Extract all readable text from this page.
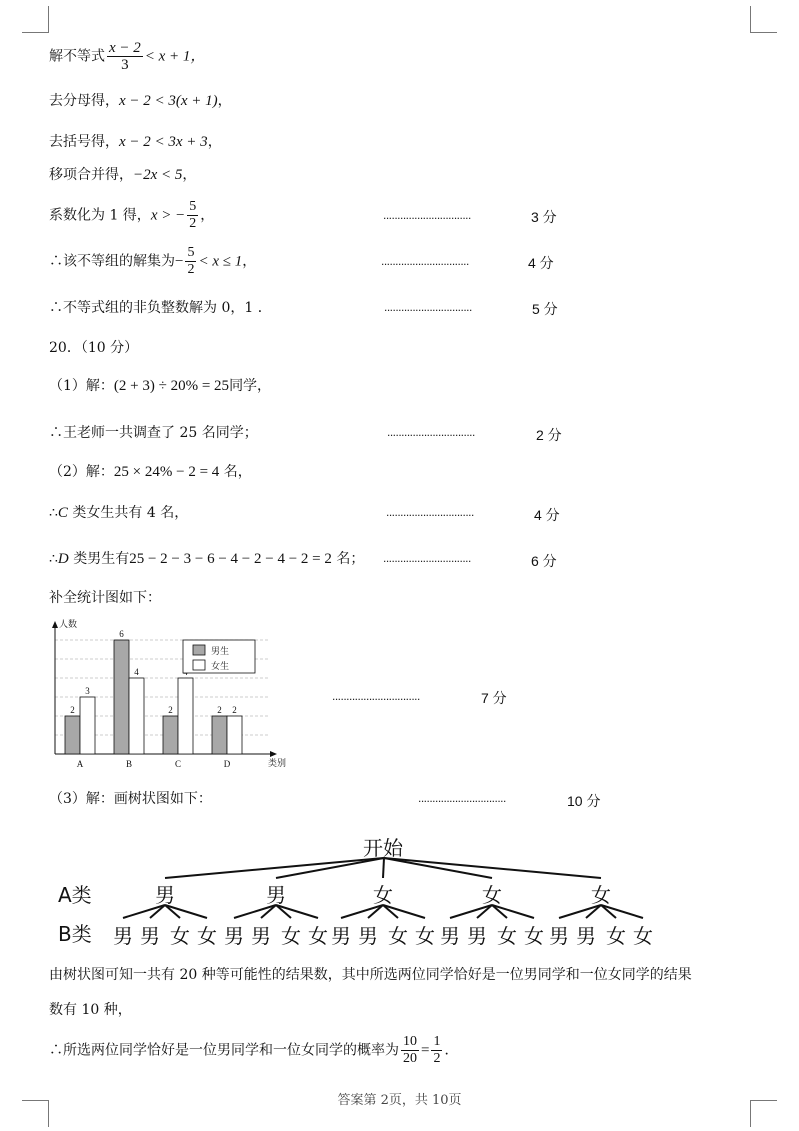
解不等式 $\frac{x - 2}{3} < x + 1$，
去分母得，x − 2 < 3(x + 1)，
去括号得，x − 2 < 3x + 3，
移项合并得，−2x < 5，
系数化为 1 得，x > − $\frac{5}{2}$ ，	...............................	3 分
∴该不等组的解集为− $\frac{5}{2} < x \le 1$，	...............................	4 分
∴不等式组的非负整数解为 0，1 ．	...............................	5 分
20．（10 分）
（1）解：(2 + 3) ÷ 20% = 25同学，
∴王老师一共调查了 25 名同学；	...............................	2 分
（2）解：25 × 24% − 2 = 4 名，
∴C 类女生共有 4 名，	...............................	4 分
∴D 类男生有25 − 2 − 3 − 6 − 4 − 2 − 4 − 2 = 2 名； ...............................	6 分
补全统计图如下：
人数
类别
2
3
A
6
4
B
2
C
2 2
D
男生
女生
...............................	7 分
（3）解：画树状图如下：	...............................	10 分
开始
A类
B类
男	男	女	女	女
男 男 女 女 男 男 女 女 男 男 女 女 男 男 女 女 男 男 女 女
由树状图可知一共有 20 种等可能性的结果数，其中所选两位同学恰好是一位男同学和一位女同学的结果
数有 10 种，
∴所选两位同学恰好是一位男同学和一位女同学的概率为 $\frac{10}{20} = \frac{1}{2}$ ．
答案第 2页，共 10页
